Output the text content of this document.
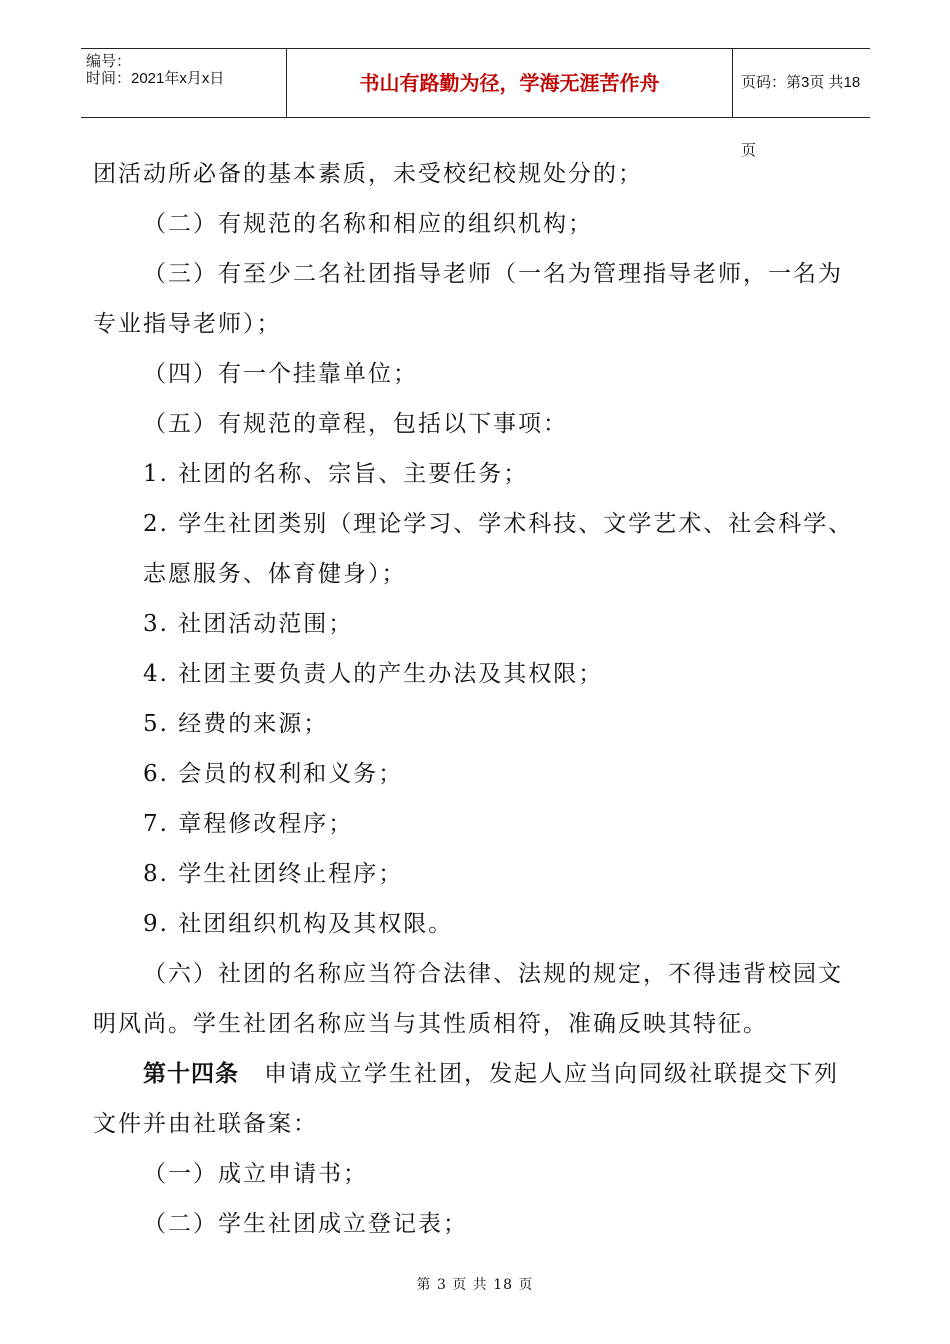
编号：
时间：2021年x月x日	书山有路勤为径，学海无涯苦作舟	页码：第3页 共18页
团活动所必备的基本素质，未受校纪校规处分的；
（二）有规范的名称和相应的组织机构；
（三）有至少二名社团指导老师（一名为管理指导老师，一名为
专业指导老师）；
（四）有一个挂靠单位；
（五）有规范的章程，包括以下事项：
1. 社团的名称、宗旨、主要任务；
2. 学生社团类别（理论学习、学术科技、文学艺术、社会科学、
志愿服务、体育健身）；
3. 社团活动范围；
4. 社团主要负责人的产生办法及其权限；
5. 经费的来源；
6. 会员的权利和义务；
7. 章程修改程序；
8. 学生社团终止程序；
9. 社团组织机构及其权限。
（六）社团的名称应当符合法律、法规的规定，不得违背校园文
明风尚。学生社团名称应当与其性质相符，准确反映其特征。
第十四条　 申请成立学生社团，发起人应当向同级社联提交下列
文件并由社联备案：
（一）成立申请书；
（二）学生社团成立登记表；
第 3 页 共 18 页
